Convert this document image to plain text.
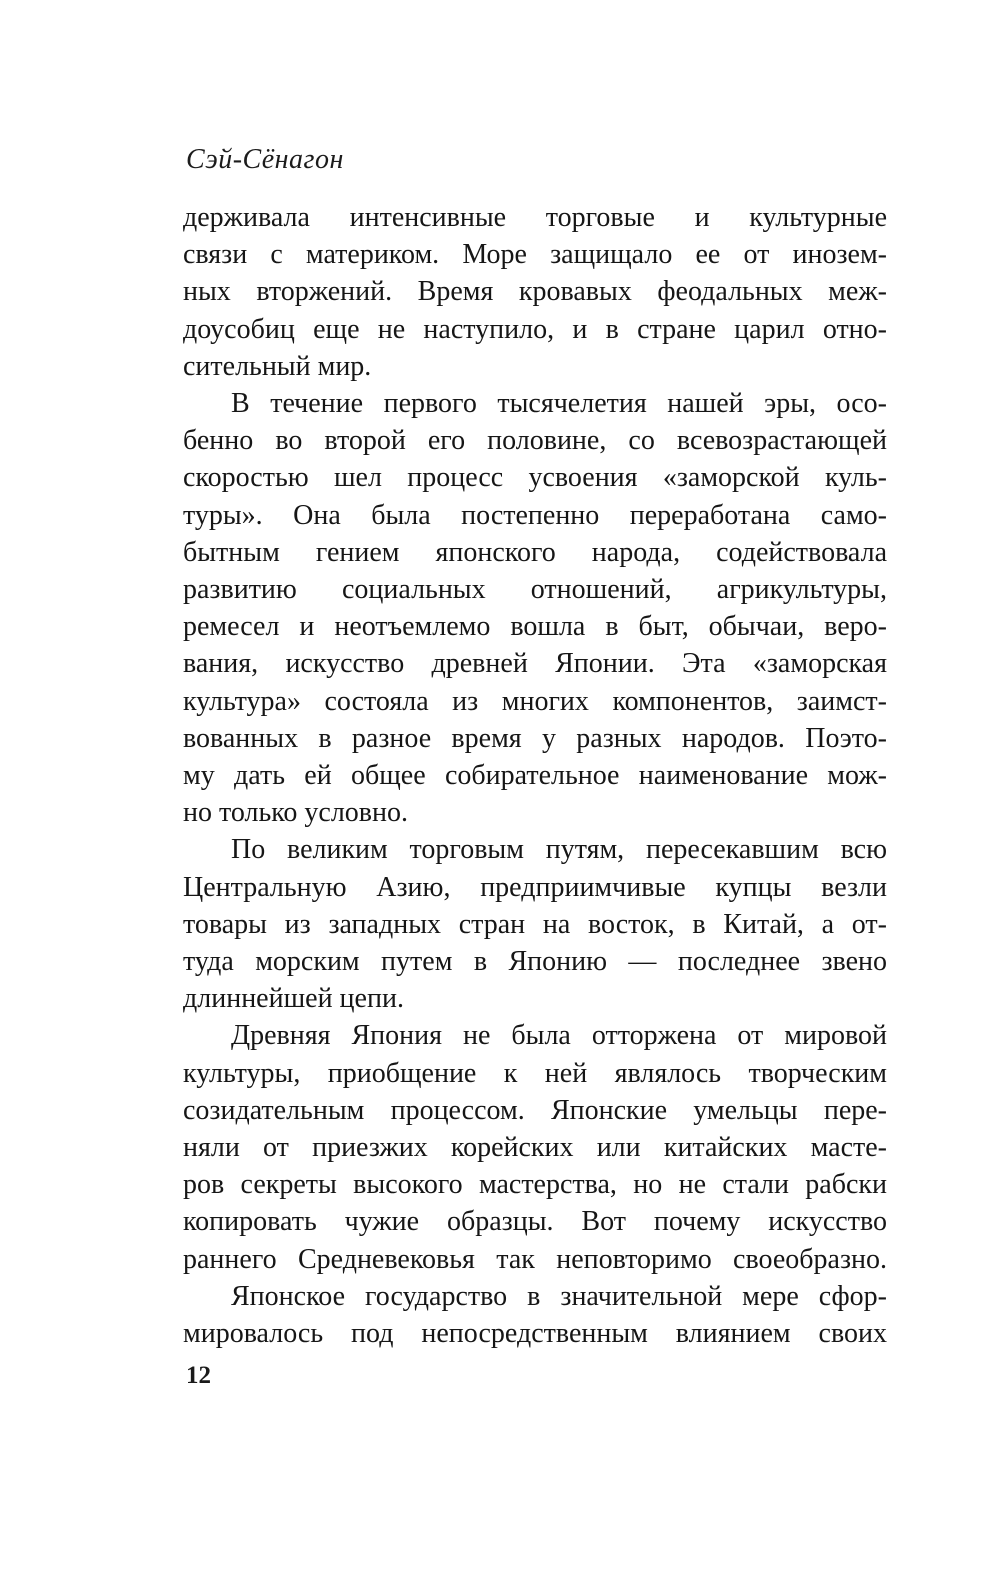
Сэй-Сёнагон
держивала интенсивные торговые и культурные
связи с материком. Море защищало ее от инозем-
ных вторжений. Время кровавых феодальных меж-
доусобиц еще не наступило, и в стране царил отно-
сительный мир.
В течение первого тысячелетия нашей эры, осо-
бенно во второй его половине, со всевозрастающей
скоростью шел процесс усвоения «заморской куль-
туры». Она была постепенно переработана само-
бытным гением японского народа, содействовала
развитию социальных отношений, агрикультуры,
ремесел и неотъемлемо вошла в быт, обычаи, веро-
вания, искусство древней Японии. Эта «заморская
культура» состояла из многих компонентов, заимст-
вованных в разное время у разных народов. Поэто-
му дать ей общее собирательное наименование мож-
но только условно.
По великим торговым путям, пересекавшим всю
Центральную Азию, предприимчивые купцы везли
товары из западных стран на восток, в Китай, а от-
туда морским путем в Японию — последнее звено
длиннейшей цепи.
Древняя Япония не была отторжена от мировой
культуры, приобщение к ней являлось творческим
созидательным процессом. Японские умельцы пере-
няли от приезжих корейских или китайских масте-
ров секреты высокого мастерства, но не стали рабски
копировать чужие образцы. Вот почему искусство
раннего Средневековья так неповторимо своеобразно.
Японское государство в значительной мере сфор-
мировалось под непосредственным влиянием своих
12
